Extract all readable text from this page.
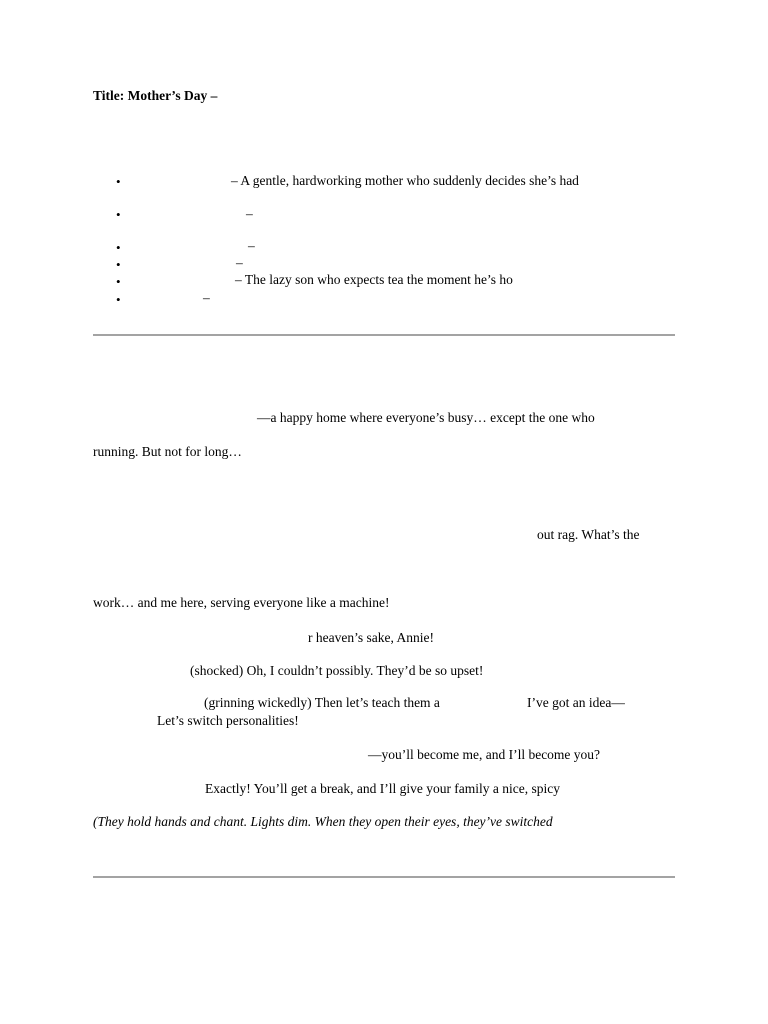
Title: Mother’s Day –
•	– A gentle, hardworking mother who suddenly decides she’s had
•	–
•	–
•	–
•	– The lazy son who expects tea the moment he’s ho
•	–
—a happy home where everyone’s busy… except the one who
running. But not for long…
out rag. What’s the
work… and me here, serving everyone like a machine!
r heaven’s sake, Annie!
(shocked) Oh, I couldn’t possibly. They’d be so upset!
(grinning wickedly) Then let’s teach them a	I’ve got an idea—
Let’s switch personalities!
—you’ll become me, and I’ll become you?
Exactly! You’ll get a break, and I’ll give your family a nice, spicy
(They hold hands and chant. Lights dim. When they open their eyes, they’ve switched
